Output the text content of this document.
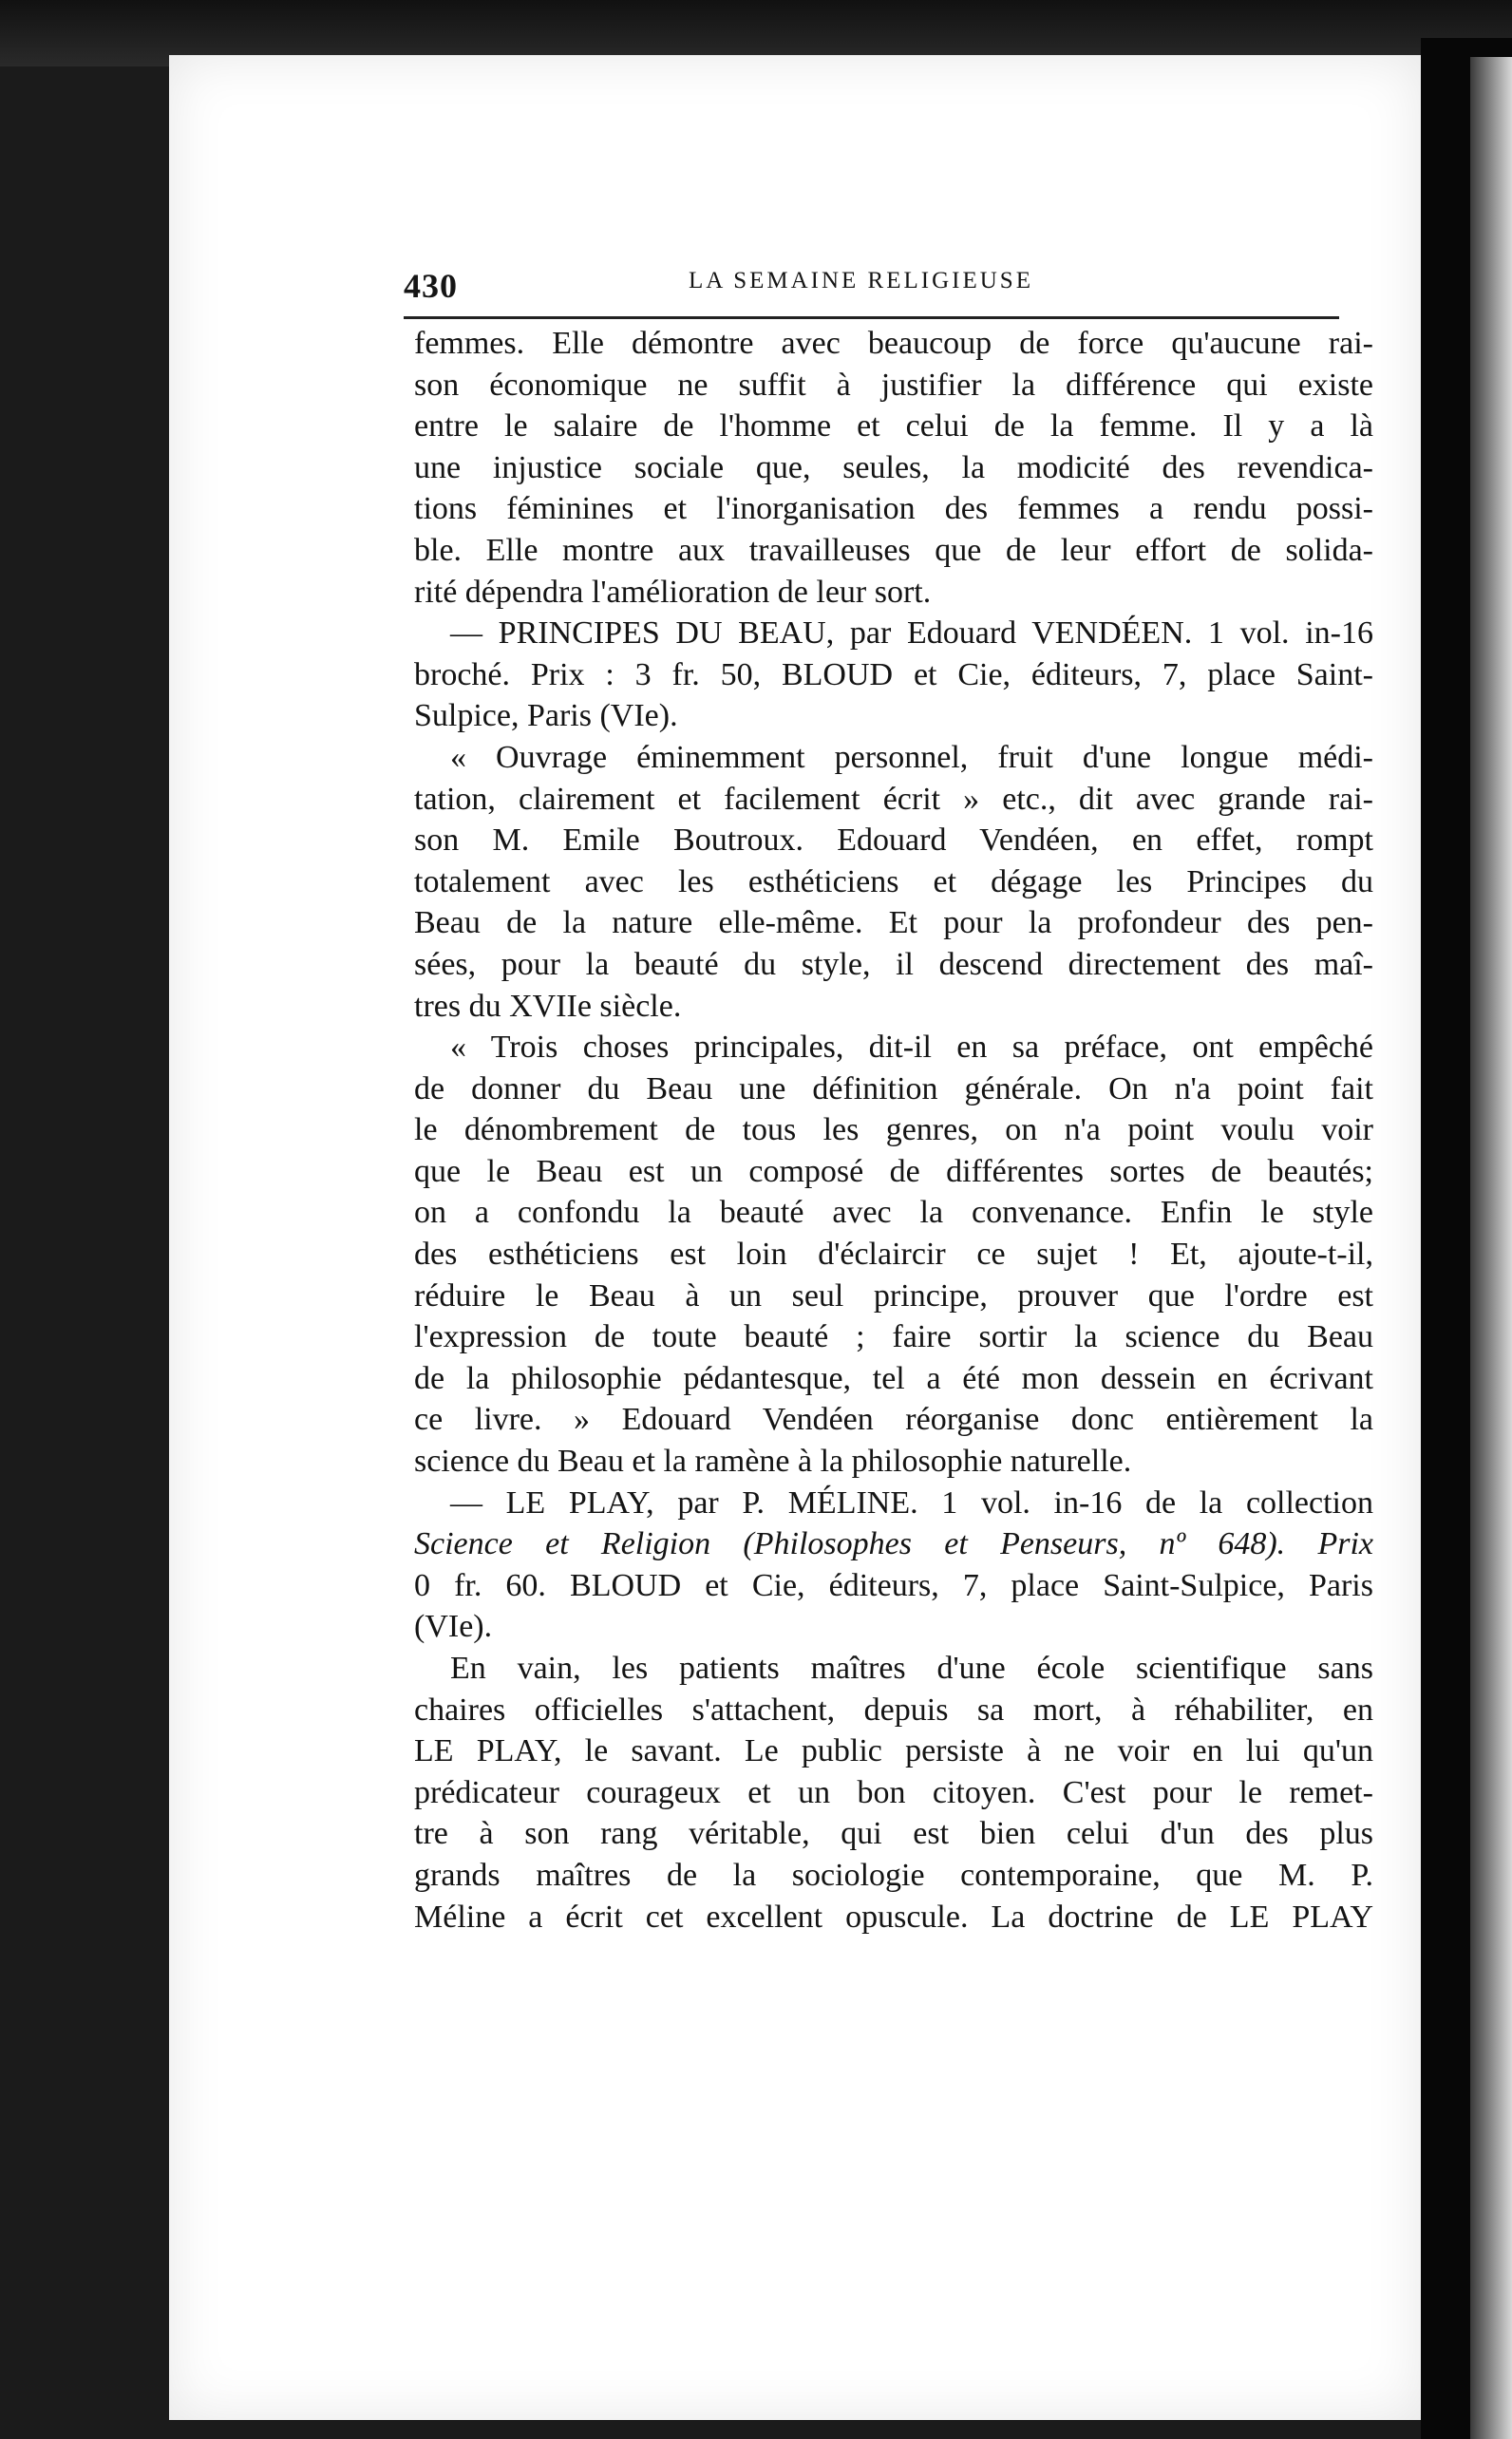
430	LA SEMAINE RELIGIEUSE
femmes. Elle démontre avec beaucoup de force qu'aucune rai-
son économique ne suffit à justifier la différence qui existe
entre le salaire de l'homme et celui de la femme. Il y a là
une injustice sociale que, seules, la modicité des revendica-
tions féminines et l'inorganisation des femmes a rendu possi-
ble. Elle montre aux travailleuses que de leur effort de solida-
rité dépendra l'amélioration de leur sort.
— PRINCIPES DU BEAU, par Edouard VENDÉEN. 1 vol. in-16
broché. Prix : 3 fr. 50, BLOUD et Cie, éditeurs, 7, place Saint-
Sulpice, Paris (VIe).
« Ouvrage éminemment personnel, fruit d'une longue médi-
tation, clairement et facilement écrit » etc., dit avec grande rai-
son M. Emile Boutroux. Edouard Vendéen, en effet, rompt
totalement avec les esthéticiens et dégage les Principes du
Beau de la nature elle-même. Et pour la profondeur des pen-
sées, pour la beauté du style, il descend directement des maî-
tres du XVIIe siècle.
« Trois choses principales, dit-il en sa préface, ont empêché
de donner du Beau une définition générale. On n'a point fait
le dénombrement de tous les genres, on n'a point voulu voir
que le Beau est un composé de différentes sortes de beautés;
on a confondu la beauté avec la convenance. Enfin le style
des esthéticiens est loin d'éclaircir ce sujet ! Et, ajoute-t-il,
réduire le Beau à un seul principe, prouver que l'ordre est
l'expression de toute beauté ; faire sortir la science du Beau
de la philosophie pédantesque, tel a été mon dessein en écrivant
ce livre. » Edouard Vendéen réorganise donc entièrement la
science du Beau et la ramène à la philosophie naturelle.
— LE PLAY, par P. MÉLINE. 1 vol. in-16 de la collection
Science et Religion (Philosophes et Penseurs, nº 648). Prix
0 fr. 60. BLOUD et Cie, éditeurs, 7, place Saint-Sulpice, Paris
(VIe).
En vain, les patients maîtres d'une école scientifique sans
chaires officielles s'attachent, depuis sa mort, à réhabiliter, en
LE PLAY, le savant. Le public persiste à ne voir en lui qu'un
prédicateur courageux et un bon citoyen. C'est pour le remet-
tre à son rang véritable, qui est bien celui d'un des plus
grands maîtres de la sociologie contemporaine, que M. P.
Méline a écrit cet excellent opuscule. La doctrine de LE PLAY
